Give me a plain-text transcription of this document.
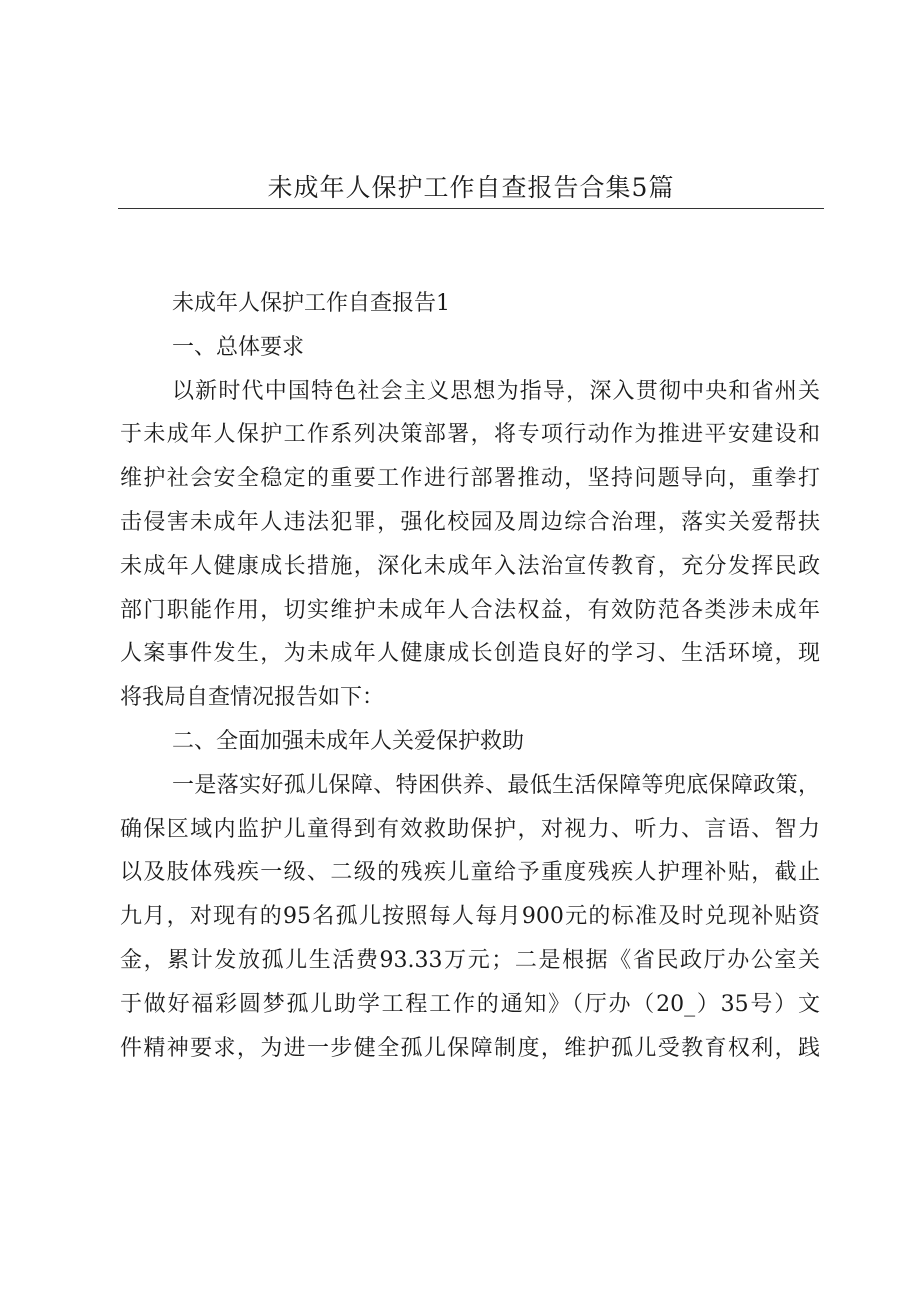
未成年人保护工作自查报告合集5篇
未成年人保护工作自查报告1
一、总体要求
以新时代中国特色社会主义思想为指导，深入贯彻中央和省州关
于未成年人保护工作系列决策部署，将专项行动作为推进平安建设和
维护社会安全稳定的重要工作进行部署推动，坚持问题导向，重拳打
击侵害未成年人违法犯罪，强化校园及周边综合治理，落实关爱帮扶
未成年人健康成长措施，深化未成年入法治宣传教育，充分发挥民政
部门职能作用，切实维护未成年人合法权益，有效防范各类涉未成年
人案事件发生，为未成年人健康成长创造良好的学习、生活环境，现
将我局自查情况报告如下：
二、全面加强未成年人关爱保护救助
一是落实好孤儿保障、特困供养、最低生活保障等兜底保障政策，
确保区域内监护儿童得到有效救助保护，对视力、听力、言语、智力
以及肢体残疾一级、二级的残疾儿童给予重度残疾人护理补贴，截止
九月，对现有的95名孤儿按照每人每月900元的标准及时兑现补贴资
金，累计发放孤儿生活费93.33万元；二是根据《省民政厅办公室关
于做好福彩圆梦孤儿助学工程工作的通知》（厅办（20_）35号）文
件精神要求，为进一步健全孤儿保障制度，维护孤儿受教育权利，践
